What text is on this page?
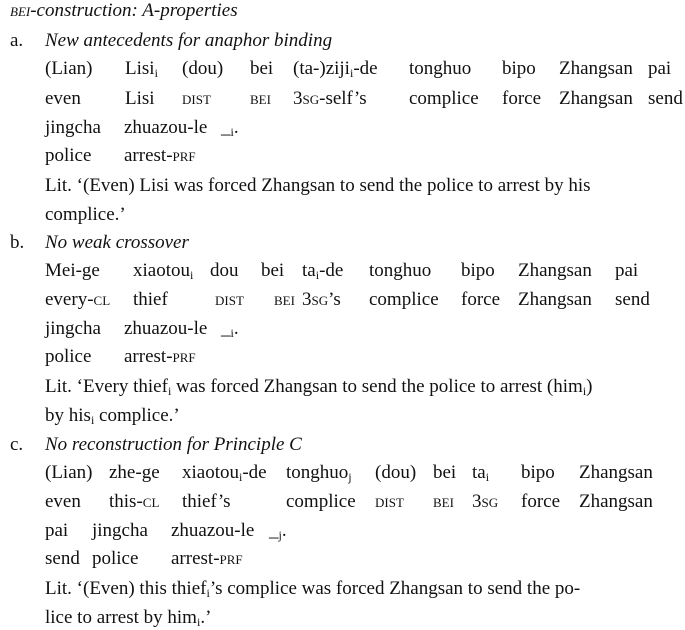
bei-construction: A-properties
a. New antecedents for anaphor binding
(Lian) Lisi$_i$ (dou) bei (ta-)ziji$_i$-de tonghuo bipo Zhangsan pai
even Lisi dist bei 3sg-self’s complice force Zhangsan send
jingcha zhuazou-le $\__i$.
police arrest-prf
Lit. ‘(Even) Lisi was forced Zhangsan to send the police to arrest by his
complice.’
b. No weak crossover
Mei-ge xiaotou$_i$ dou bei $ta_i-de$ tonghuo bipo Zhangsan pai
every-cl thief dist bei 3sg’s complice force Zhangsan send
jingcha zhuazou-le $\__i$.
police arrest-prf
Lit. ‘Every thief$_i$ was forced Zhangsan to send the police to arrest (him$_i$)
by his$_i$ complice.’
c. No reconstruction for Principle C
(Lian) zhe-ge xiaotou$_i$-de tonghuo$_j$ (dou) bei $ta_i$ bipo Zhangsan
even this-cl thief’s	complice dist bei 3sg force Zhangsan
pai jingcha zhuazou-le $\__j$.
send police arrest-prf
Lit. ‘(Even) this thief$_i$’s complice was forced Zhangsan to send the po-
lice to arrest by him$_i$.’
